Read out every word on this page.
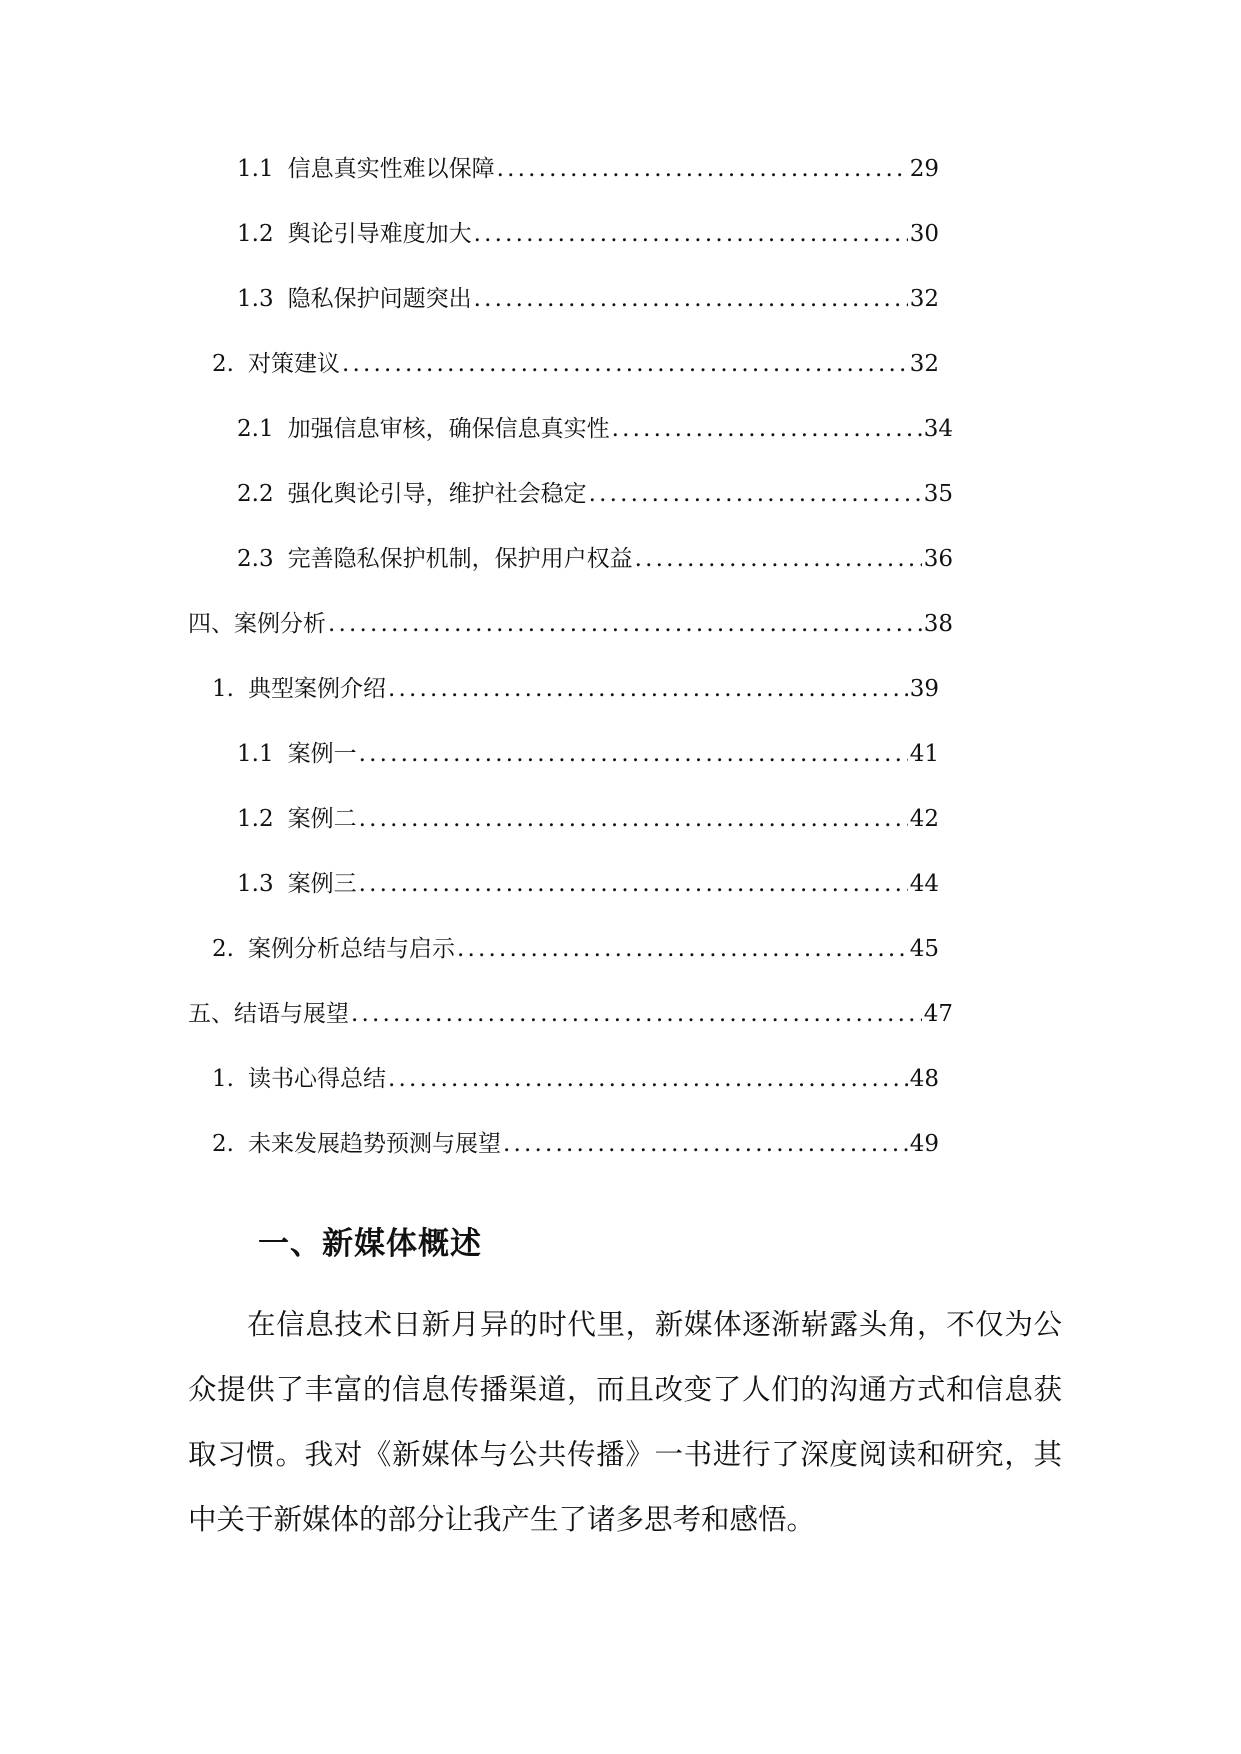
1.1 信息真实性难以保障 .....	29
1.2 舆论引导难度加大 .....	30
1.3 隐私保护问题突出 .....	32
2. 对策建议 .....	32
2.1 加强信息审核，确保信息真实性 .....	34
2.2 强化舆论引导，维护社会稳定 .....	35
2.3 完善隐私保护机制，保护用户权益 .....	36
四、案例分析 .....	38
1. 典型案例介绍 .....	39
1.1 案例一 .....	41
1.2 案例二 .....	42
1.3 案例三 .....	44
2. 案例分析总结与启示 .....	45
五、结语与展望 .....	47
1. 读书心得总结 .....	48
2. 未来发展趋势预测与展望 .....	49
一、新媒体概述

在信息技术日新月异的时代里，新媒体逐渐崭露头角，不仅为公众提供了丰富的信息传播渠道，而且改变了人们的沟通方式和信息获取习惯。我对《新媒体与公共传播》一书进行了深度阅读和研究，其中关于新媒体的部分让我产生了诸多思考和感悟。
